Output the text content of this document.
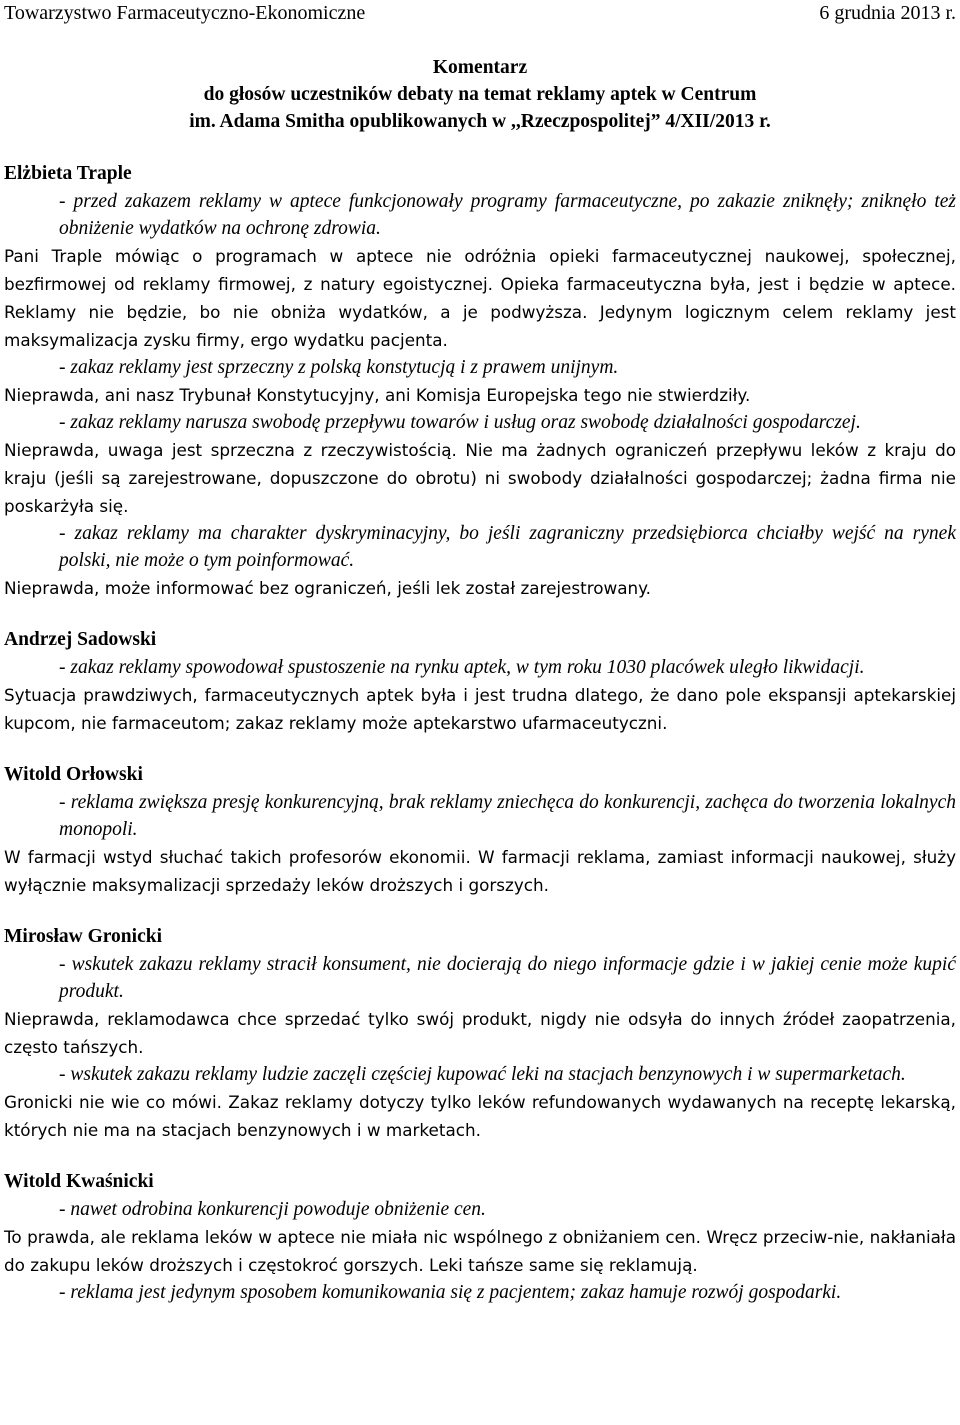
Towarzystwo Farmaceutyczno-Ekonomiczne	6 grudnia 2013 r.
Komentarz
do głosów uczestników debaty na temat reklamy aptek w Centrum
im. Adama Smitha opublikowanych w ,,Rzeczpospolitej” 4/XII/2013 r.
Elżbieta Traple

- przed zakazem reklamy w aptece funkcjonowały programy farmaceutyczne, po zakazie zniknęły; zniknęło też obniżenie wydatków na ochronę zdrowia.

Pani Traple mówiąc o programach w aptece nie odróżnia opieki farmaceutycznej naukowej, społecznej, bezfirmowej od reklamy firmowej, z natury egoistycznej. Opieka farmaceutyczna była, jest i będzie w aptece. Reklamy nie będzie, bo nie obniża wydatków, a je podwyższa. Jedynym logicznym celem reklamy jest maksymalizacja zysku firmy, ergo wydatku pacjenta.

- zakaz reklamy jest sprzeczny z polską konstytucją i z prawem unijnym.

Nieprawda, ani nasz Trybunał Konstytucyjny, ani Komisja Europejska tego nie stwierdziły.

- zakaz reklamy narusza swobodę przepływu towarów i usług oraz swobodę działalności gospodarczej.

Nieprawda, uwaga jest sprzeczna z rzeczywistością. Nie ma żadnych ograniczeń przepływu leków z kraju do kraju (jeśli są zarejestrowane, dopuszczone do obrotu) ni swobody działalności gospodarczej; żadna firma nie poskarżyła się.

- zakaz reklamy ma charakter dyskryminacyjny, bo jeśli zagraniczny przedsiębiorca chciałby wejść na rynek polski, nie może o tym poinformować.

Nieprawda, może informować bez ograniczeń, jeśli lek został zarejestrowany.

Andrzej Sadowski

- zakaz reklamy spowodował spustoszenie na rynku aptek, w tym roku 1030 placówek uległo likwidacji.

Sytuacja prawdziwych, farmaceutycznych aptek była i jest trudna dlatego, że dano pole ekspansji aptekarskiej kupcom, nie farmaceutom; zakaz reklamy może aptekarstwo ufarmaceutyczni.

Witold Orłowski

- reklama zwiększa presję konkurencyjną, brak reklamy zniechęca do konkurencji, zachęca do tworzenia lokalnych monopoli.

W farmacji wstyd słuchać takich profesorów ekonomii. W farmacji reklama, zamiast informacji naukowej, służy wyłącznie maksymalizacji sprzedaży leków droższych i gorszych.

Mirosław Gronicki

- wskutek zakazu reklamy stracił konsument, nie docierają do niego informacje gdzie i w jakiej cenie może kupić produkt.

Nieprawda, reklamodawca chce sprzedać tylko swój produkt, nigdy nie odsyła do innych źródeł zaopatrzenia, często tańszych.

- wskutek zakazu reklamy ludzie zaczęli częściej kupować leki na stacjach benzynowych i w supermarketach.

Gronicki nie wie co mówi. Zakaz reklamy dotyczy tylko leków refundowanych wydawanych na receptę lekarską, których nie ma na stacjach benzynowych i w marketach.

Witold Kwaśnicki

- nawet odrobina konkurencji powoduje obniżenie cen.

To prawda, ale reklama leków w aptece nie miała nic wspólnego z obniżaniem cen. Wręcz przeciw-nie, nakłaniała do zakupu leków droższych i częstokroć gorszych. Leki tańsze same się reklamują.

- reklama jest jedynym sposobem komunikowania się z pacjentem; zakaz hamuje rozwój gospodarki.
